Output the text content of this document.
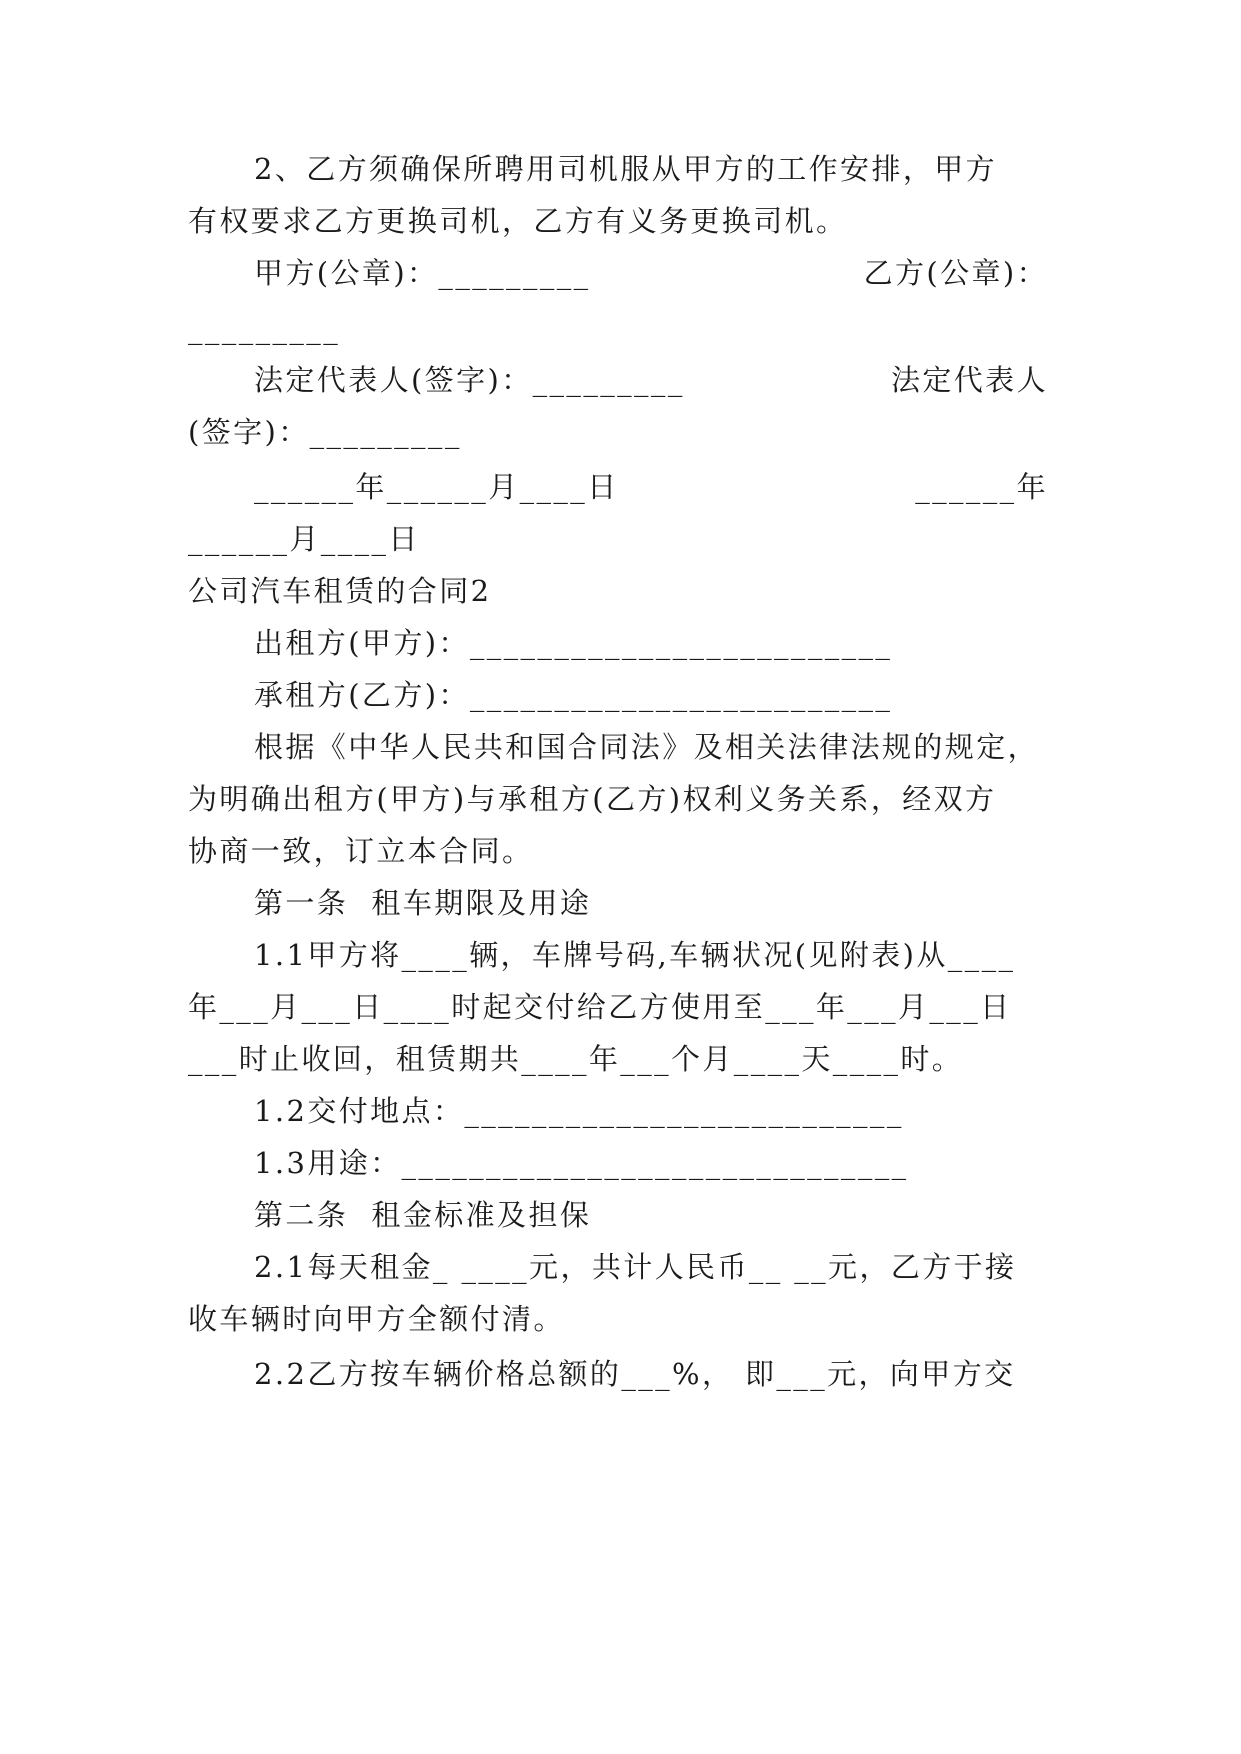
2、乙方须确保所聘用司机服从甲方的工作安排，甲方
有权要求乙方更换司机，乙方有义务更换司机。
甲方(公章)：_________	乙方(公章)：
_________
法定代表人(签字)：_________	法定代表人
(签字)：_________
______年______月____日	______年
______月____日
公司汽车租赁的合同2
出租方(甲方)：_________________________
承租方(乙方)：_________________________
根据《中华人民共和国合同法》及相关法律法规的规定，
为明确出租方(甲方)与承租方(乙方)权利义务关系，经双方
协商一致，订立本合同。
第一条  租车期限及用途
1.1甲方将____辆，车牌号码,车辆状况(见附表)从____
年___月___日____时起交付给乙方使用至___年___月___日
___时止收回，租赁期共____年___个月____天____时。
1.2交付地点：__________________________
1.3用途：______________________________
第二条  租金标准及担保
2.1每天租金_ ____元，共计人民币__ __元，乙方于接
收车辆时向甲方全额付清。
2.2乙方按车辆价格总额的___%， 即___元，向甲方交
